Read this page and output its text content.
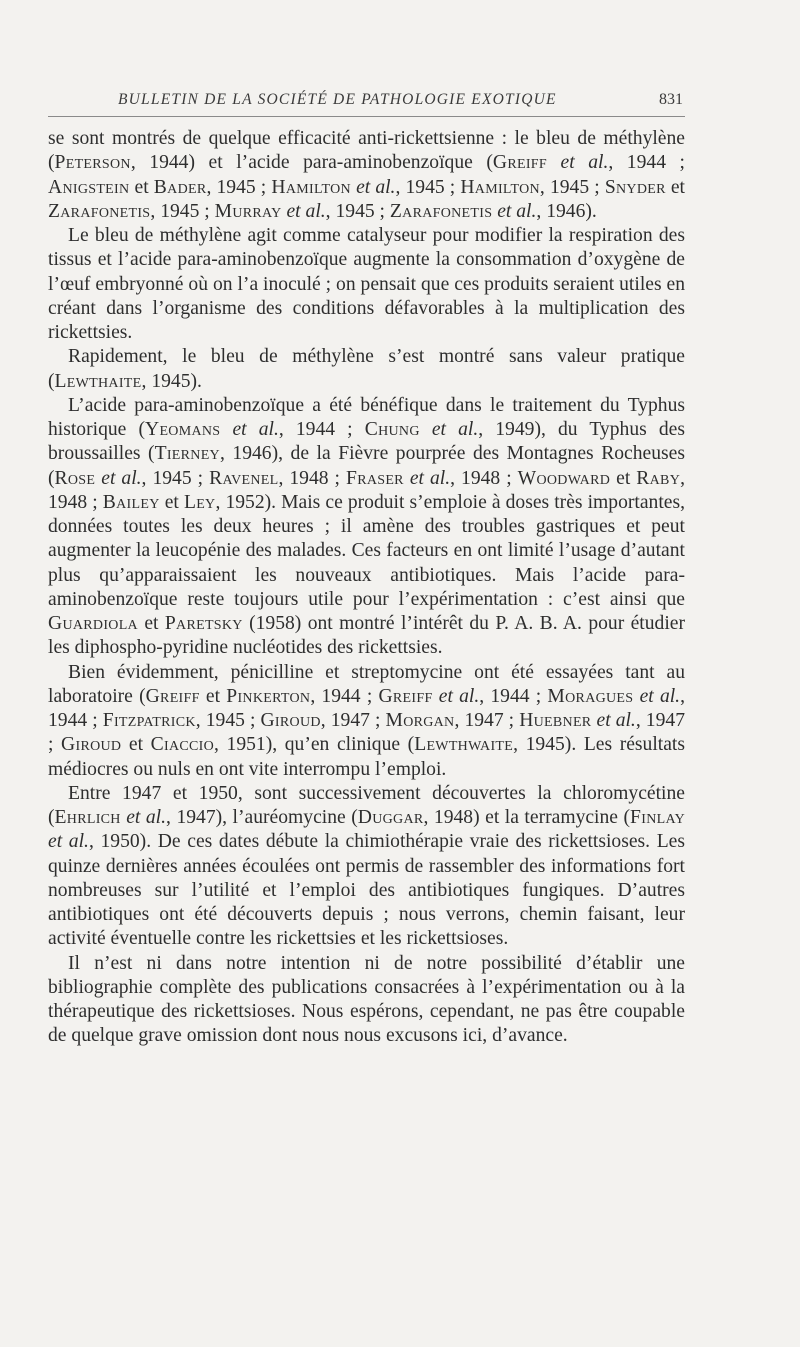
BULLETIN DE LA SOCIÉTÉ DE PATHOLOGIE EXOTIQUE	831

se sont montrés de quelque efficacité anti-rickettsienne : le bleu de méthylène (Peterson, 1944) et l’acide para-aminobenzoïque (Greiff et al., 1944 ; Anigstein et Bader, 1945 ; Hamilton et al., 1945 ; Hamilton, 1945 ; Snyder et Zarafonetis, 1945 ; Murray et al., 1945 ; Zarafonetis et al., 1946).

Le bleu de méthylène agit comme catalyseur pour modifier la respiration des tissus et l’acide para-aminobenzoïque augmente la consommation d’oxygène de l’œuf embryonné où on l’a inoculé ; on pensait que ces produits seraient utiles en créant dans l’organisme des conditions défavorables à la multiplication des rickettsies.

Rapidement, le bleu de méthylène s’est montré sans valeur pratique (Lewthaite, 1945).

L’acide para-aminobenzoïque a été bénéfique dans le traitement du Typhus historique (Yeomans et al., 1944 ; Chung et al., 1949), du Typhus des broussailles (Tierney, 1946), de la Fièvre pourprée des Montagnes Rocheuses (Rose et al., 1945 ; Ravenel, 1948 ; Fraser et al., 1948 ; Woodward et Raby, 1948 ; Bailey et Ley, 1952). Mais ce produit s’emploie à doses très importantes, données toutes les deux heures ; il amène des troubles gastriques et peut augmenter la leucopénie des malades. Ces facteurs en ont limité l’usage d’autant plus qu’apparaissaient les nouveaux antibiotiques. Mais l’acide para-aminobenzoïque reste toujours utile pour l’expérimentation : c’est ainsi que Guardiola et Paretsky (1958) ont montré l’intérêt du P. A. B. A. pour étudier les diphospho-pyridine nucléotides des rickettsies.

Bien évidemment, pénicilline et streptomycine ont été essayées tant au laboratoire (Greiff et Pinkerton, 1944 ; Greiff et al., 1944 ; Moragues et al., 1944 ; Fitzpatrick, 1945 ; Giroud, 1947 ; Morgan, 1947 ; Huebner et al., 1947 ; Giroud et Ciaccio, 1951), qu’en clinique (Lewthwaite, 1945). Les résultats médiocres ou nuls en ont vite interrompu l’emploi.

Entre 1947 et 1950, sont successivement découvertes la chloromycétine (Ehrlich et al., 1947), l’auréomycine (Duggar, 1948) et la terramycine (Finlay et al., 1950). De ces dates débute la chimiothérapie vraie des rickettsioses. Les quinze dernières années écoulées ont permis de rassembler des informations fort nombreuses sur l’utilité et l’emploi des antibiotiques fungiques. D’autres antibiotiques ont été découverts depuis ; nous verrons, chemin faisant, leur activité éventuelle contre les rickettsies et les rickettsioses.

Il n’est ni dans notre intention ni de notre possibilité d’établir une bibliographie complète des publications consacrées à l’expérimentation ou à la thérapeutique des rickettsioses. Nous espérons, cependant, ne pas être coupable de quelque grave omission dont nous nous excusons ici, d’avance.
